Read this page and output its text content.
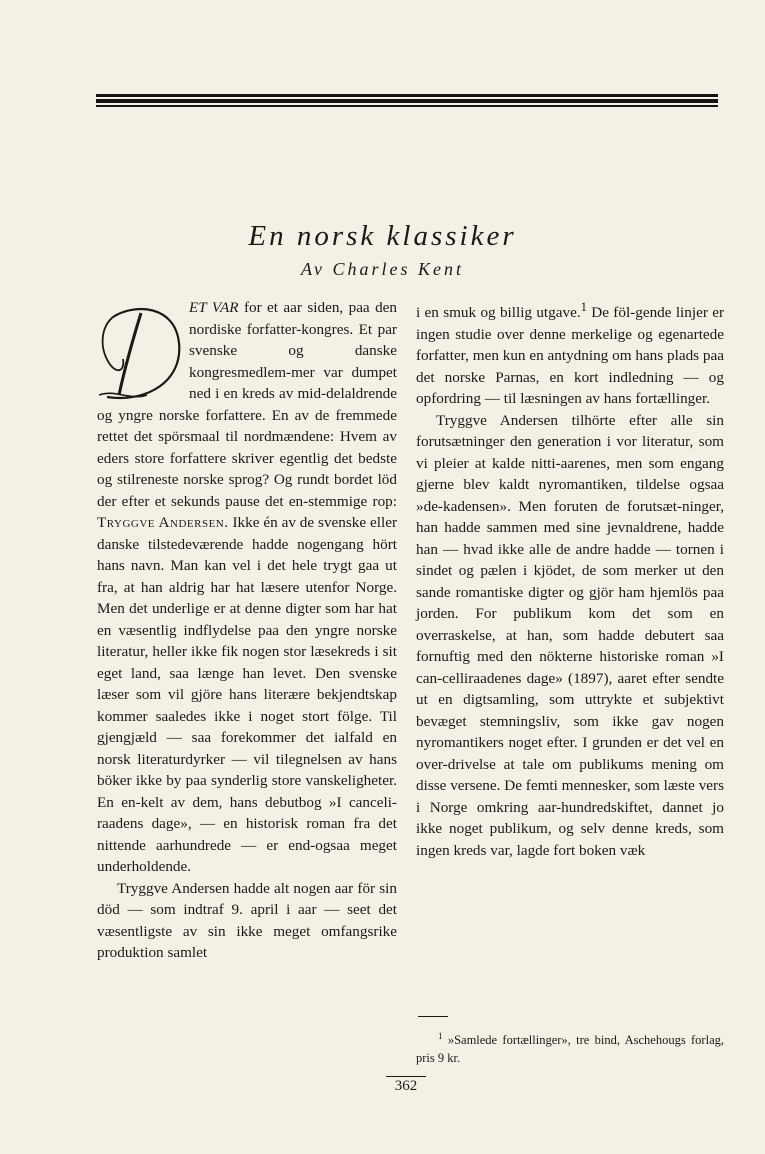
En norsk klassiker
Av Charles Kent

ET VAR for et aar siden, paa den nordiske forfatter-kongres. Et par svenske og danske kongresmedlem-mer var dumpet ned i en kreds av mid-delaldrende og yngre norske forfattere. En av de fremmede rettet det spörsmaal til nordmændene: Hvem av eders store forfattere skriver egentlig det bedste og stilreneste norske sprog? Og rundt bordet löd der efter et sekunds pause det en-stemmige rop: Tryggve Andersen. Ikke én av de svenske eller danske tilstedeværende hadde nogengang hört hans navn. Man kan vel i det hele trygt gaa ut fra, at han aldrig har hat læsere utenfor Norge. Men det underlige er at denne digter som har hat en væsentlig indflydelse paa den yngre norske literatur, heller ikke fik nogen stor læsekreds i sit eget land, saa længe han levet. Den svenske læser som vil gjöre hans literære bekjendtskap kommer saaledes ikke i noget stort fölge. Til gjengjæld — saa forekommer det ialfald en norsk literaturdyrker — vil tilegnelsen av hans böker ikke by paa synderlig store vanskeligheter. En en-kelt av dem, hans debutbog »I canceli-raadens dage», — en historisk roman fra det nittende aarhundrede — er end-ogsaa meget underholdende.

Tryggve Andersen hadde alt nogen aar för sin död — som indtraf 9. april i aar — seet det væsentligste av sin ikke meget omfangsrike produktion samlet

i en smuk og billig utgave.$^1$ De föl-gende linjer er ingen studie over denne merkelige og egenartede forfatter, men kun en antydning om hans plads paa det norske Parnas, en kort indledning — og opfordring — til læsningen av hans fortællinger.

Tryggve Andersen tilhörte efter alle sin forutsætninger den generation i vor literatur, som vi pleier at kalde nitti-aarenes, men som engang gjerne blev kaldt nyromantiken, tildelse ogsaa »de-kadensen». Men foruten de forutsæt-ninger, han hadde sammen med sine jevnaldrene, hadde han — hvad ikke alle de andre hadde — tornen i sindet og pælen i kjödet, de som merker ut den sande romantiske digter og gjör ham hjemlös paa jorden. For publikum kom det som en overraskelse, at han, som hadde debutert saa fornuftig med den nökterne historiske roman »I can-celliraadenes dage» (1897), aaret efter sendte ut en digtsamling, som uttrykte et subjektivt bevæget stemningsliv, som ikke gav nogen nyromantikers noget efter. I grunden er det vel en over-drivelse at tale om publikums mening om disse versene. De femti mennesker, som læste vers i Norge omkring aar-hundredskiftet, dannet jo ikke noget publikum, og selv denne kreds, som ingen kreds var, lagde fort boken væk

$^1$ »Samlede fortællinger», tre bind, Aschehougs forlag, pris 9 kr.
362
